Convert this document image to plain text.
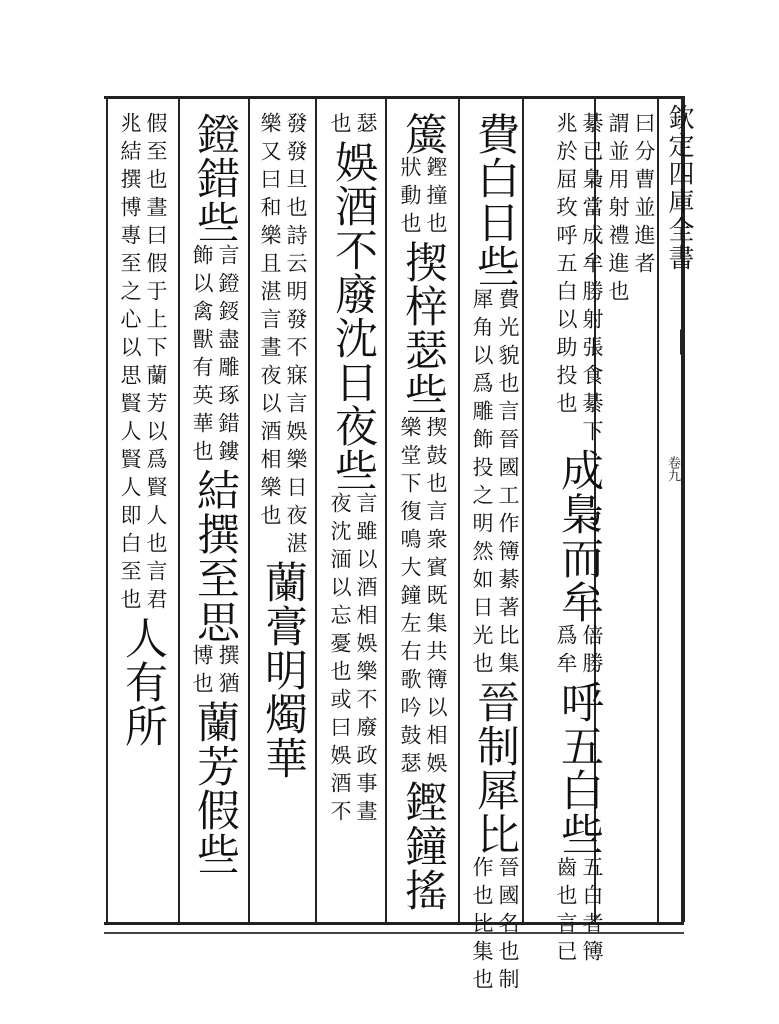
欽定四庫全書
卷九
曰分曹並進者
謂並用射禮進也
綦已梟當成牟勝射張食綦下
兆於屈玫呼五白以助投也
成梟而牟
倍勝
爲牟
呼五白些
五白者簙
齒也言已
費白日些
費光貌也言晉國工作簙綦著比集
犀角以爲雕飾投之明然如日光也
晉制犀比
晉國名也制
作也比集也
簴
鏗撞也
狀動也
揳梓瑟些
揳鼓也言衆賓既集共簙以相娛
樂堂下復鳴大鐘左右歌吟鼓瑟
鏗鐘搖
瑟
也
娛酒不廢沈日夜些
言雖以酒相娛樂不廢政事晝
夜沈湎以忘憂也或曰娛酒不
發發旦也詩云明發不寐言娛樂日夜湛
樂又曰和樂且湛言晝夜以酒相樂也
蘭膏明燭華
鐙錯些
言鐙鋄盡雕琢錯鏤
飾以禽獸有英華也
結撰至思
撰猶
博也
蘭芳假些
假至也晝曰假于上下蘭芳以爲賢人也言君
兆結撰博專至之心以思賢人賢人即白至也
人有所
